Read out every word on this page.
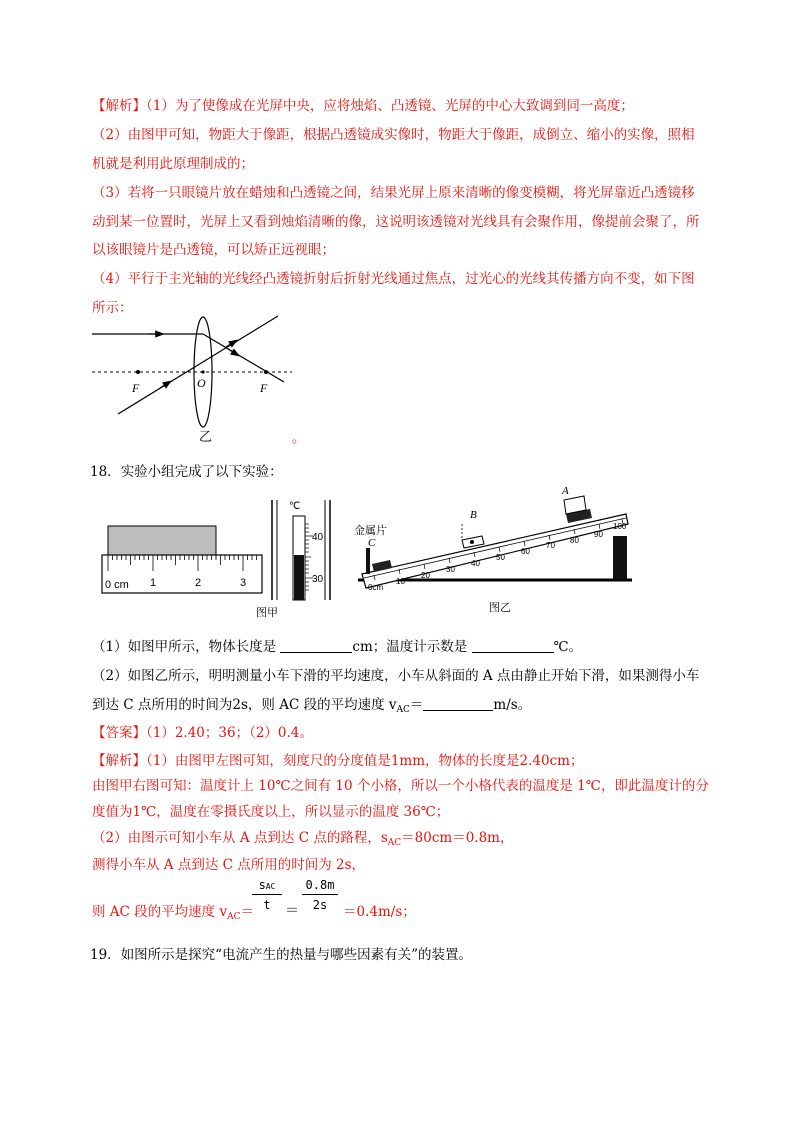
【解析】（1）为了使像成在光屏中央，应将烛焰、凸透镜、光屏的中心大致调到同一高度；
（2）由图甲可知，物距大于像距，根据凸透镜成实像时，物距大于像距，成倒立、缩小的实像，照相
机就是利用此原理制成的；
（3）若将一只眼镜片放在蜡烛和凸透镜之间，结果光屏上原来清晰的像变模糊，将光屏靠近凸透镜移
动到某一位置时，光屏上又看到烛焰清晰的像，这说明该透镜对光线具有会聚作用，像提前会聚了，所
以该眼镜片是凸透镜，可以矫正远视眼；
（4）平行于主光轴的光线经凸透镜折射后折射光线通过焦点，过光心的光线其传播方向不变，如下图
所示：
F	O	F
乙	。
18．实验小组完成了以下实验：
0 cm 1	2	3
℃
40
30
图甲
0cm
10
20
30
40
50
60
70
80
90
100
A
B
C
金属片
图乙
（1）如图甲所示，物体长度是	cm；温度计示数是	℃。
（2）如图乙所示，明明测量小车下滑的平均速度，小车从斜面的 A 点由静止开始下滑，如果测得小车
到达 C 点所用的时间为2s，则 AC 段的平均速度 $v_{AC}=$	m/s。
【答案】（1）2.40；36；（2）0.4。
【解析】（1）由图甲左图可知，刻度尺的分度值是1mm，物体的长度是2.40cm；
由图甲右图可知：温度计上 10℃之间有 10 个小格，所以一个小格代表的温度是 1℃，即此温度计的分
度值为1℃，温度在零摄氏度以上，所以显示的温度 36℃；
（2）由图示可知小车从 A 点到达 C 点的路程，$s_{AC}=80cm=0.8m$，
测得小车从 A 点到达 C 点所用的时间为 2s，
则 AC 段的平均速度 $v_{AC}=$
sAC
t	＝ $\frac{0.8m}{2s} =0.4m/s$；
19．如图所示是探究“电流产生的热量与哪些因素有关”的装置。
